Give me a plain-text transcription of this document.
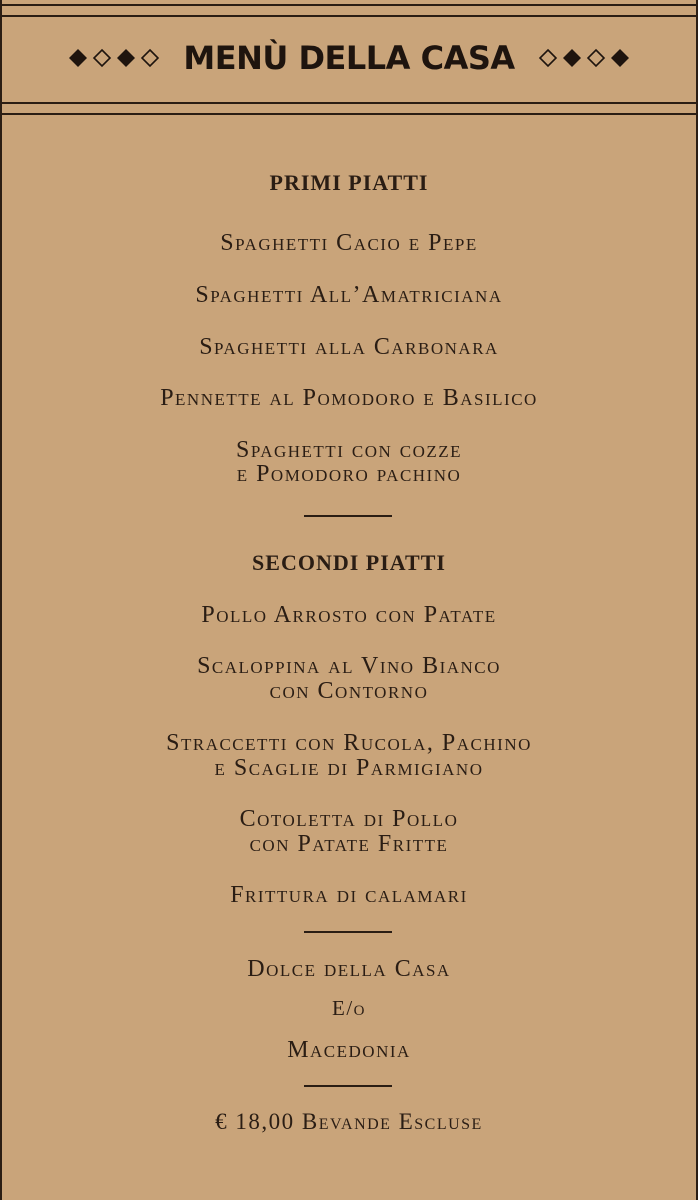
MENÙ DELLA CASA
PRIMI PIATTI
Spaghetti Cacio e Pepe
Spaghetti All’Amatriciana
Spaghetti alla Carbonara
Pennette al Pomodoro e Basilico
Spaghetti con cozze
e Pomodoro pachino
SECONDI PIATTI
Pollo Arrosto con Patate
Scaloppina al Vino Bianco
con Contorno
Straccetti con Rucola, Pachino
e Scaglie di Parmigiano
Cotoletta di Pollo
con Patate Fritte
Frittura di calamari
Dolce della Casa
E/o
Macedonia
€ 18,00 Bevande Escluse
